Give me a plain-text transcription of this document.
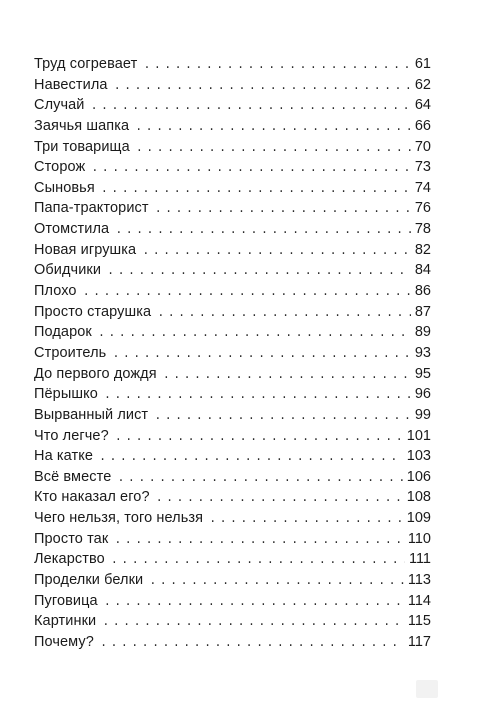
Труд согревает .....	61
Навестила .....	62
Случай .....	64
Заячья шапка .....	66
Три товарища .....	70
Сторож .....	73
Сыновья .....	74
Папа-тракторист .....	76
Отомстила .....	78
Новая игрушка .....	82
Обидчики .....	84
Плохо .....	86
Просто старушка .....	87
Подарок .....	89
Строитель .....	93
До первого дождя .....	95
Пёрышко .....	96
Вырванный лист .....	99
Что легче? .....	101
На катке .....	103
Всё вместе .....	106
Кто наказал его? .....	108
Чего нельзя, того нельзя .....	109
Просто так .....	110
Лекарство .....	111
Проделки белки .....	113
Пуговица .....	114
Картинки .....	115
Почему? .....	117
